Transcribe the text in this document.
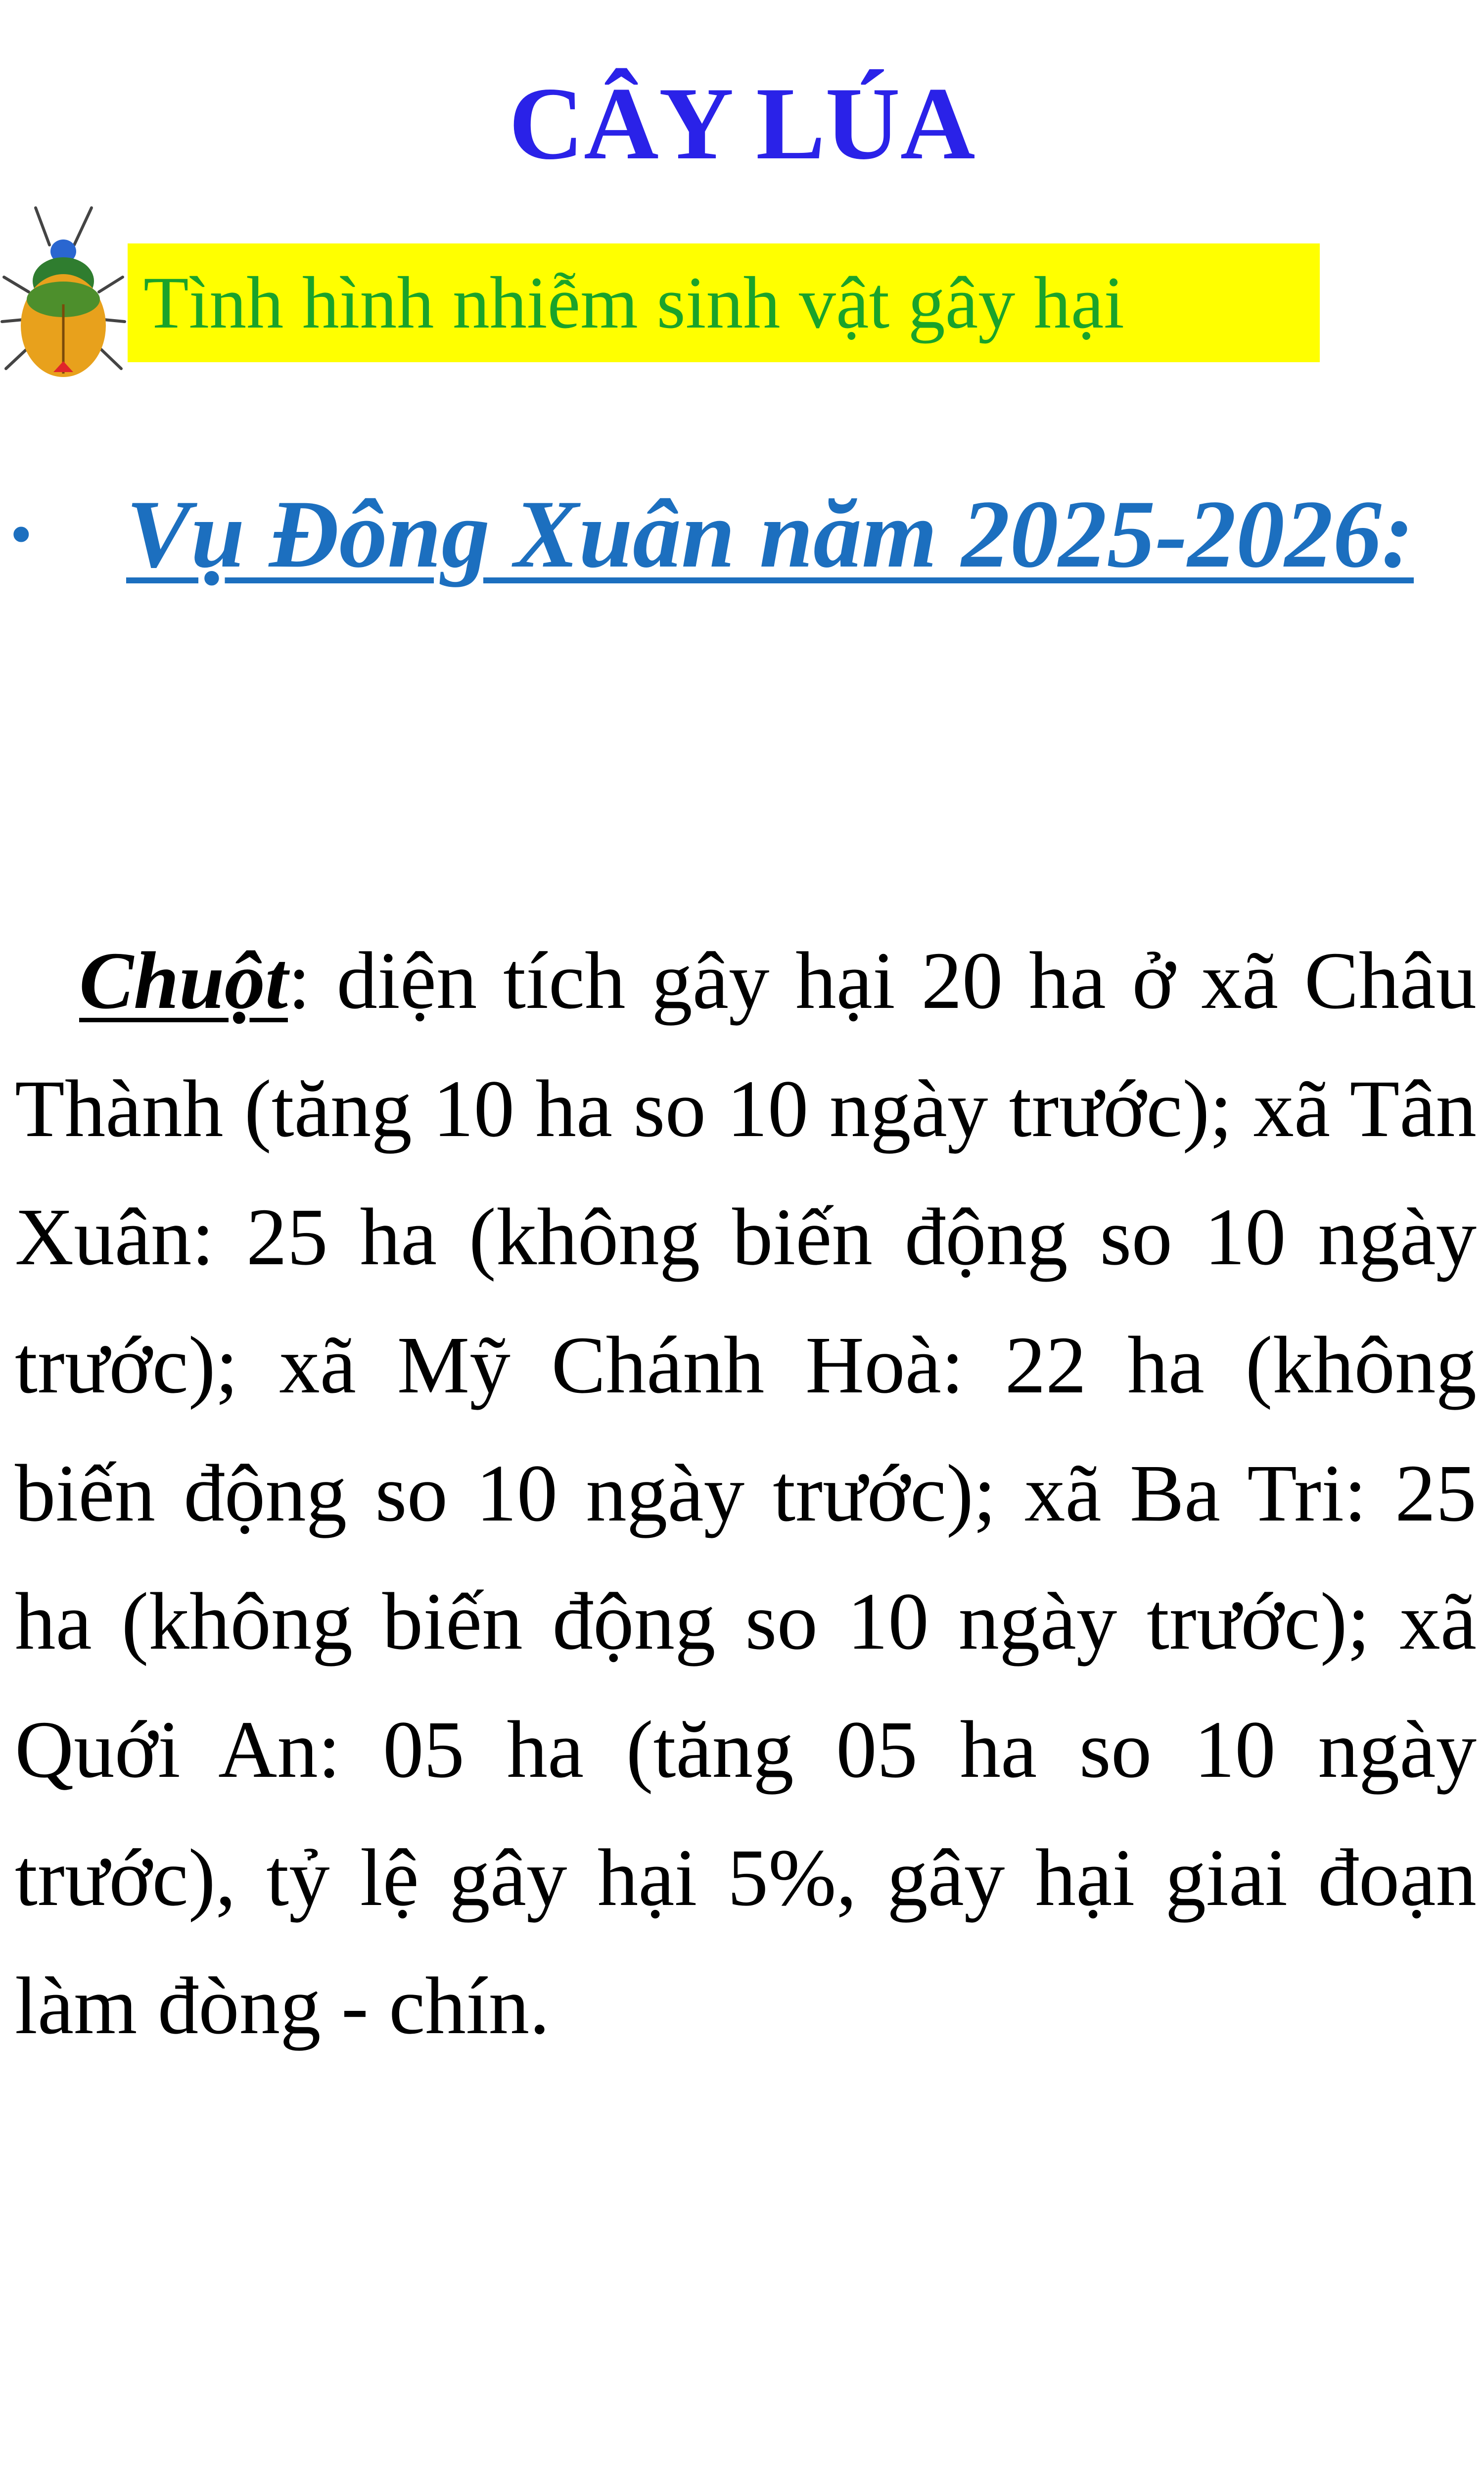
CÂY LÚA
Tình hình nhiễm sinh vật gây hại
• Vụ Đông Xuân năm 2025-2026:

Chuột: diện tích gây hại 20 ha ở xã Châu Thành (tăng 10 ha so 10 ngày trước); xã Tân Xuân: 25 ha (không biến động so 10 ngày trước); xã Mỹ Chánh Hoà: 22 ha (không biến động so 10 ngày trước); xã Ba Tri: 25 ha (không biến động so 10 ngày trước); xã Quới An: 05 ha (tăng 05 ha so 10 ngày trước), tỷ lệ gây hại 5%, gây hại giai đoạn làm đòng - chín.
